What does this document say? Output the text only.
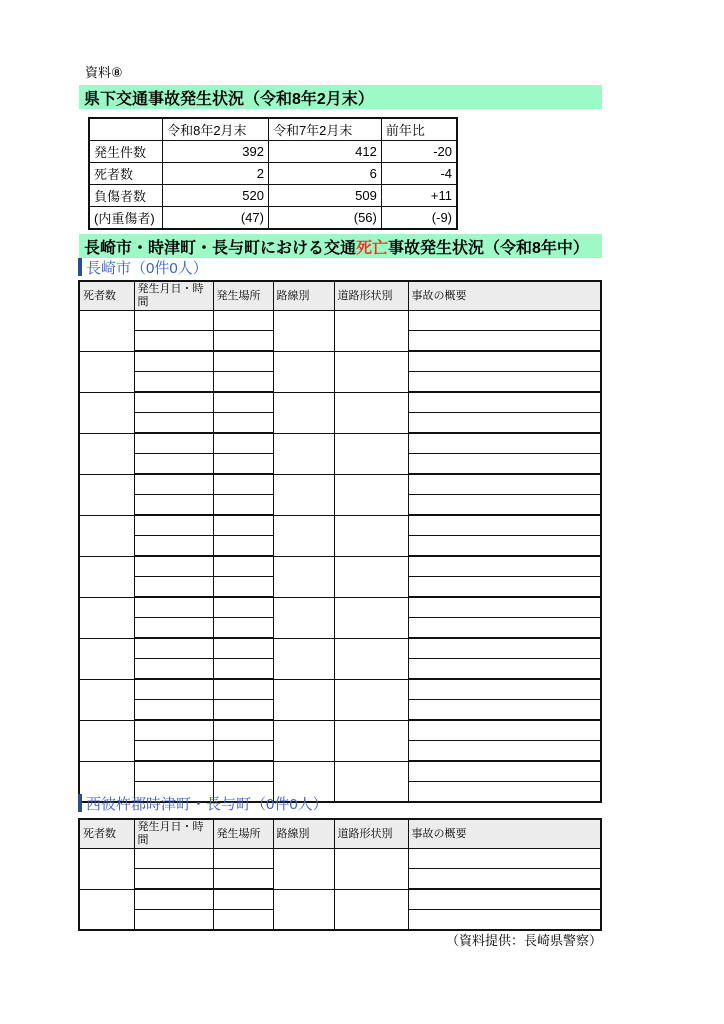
資料⑧
県下交通事故発生状況（令和8年2月末）
	令和8年2月末	令和7年2月末	前年比
発生件数	392	412	-20
死者数	2	6	-4
負傷者数	520	509	+11
(内重傷者)	(47)	(56)	(-9)
長崎市・時津町・長与町における交通 死亡 事故発生状況（令和8年中）
長崎市（0件0人）
死者数	発生月日・時間	発生場所	路線別	道路形状別	事故の概要

西彼杵郡時津町・長与町（0件0人）
死者数	発生月日・時間	発生場所	路線別	道路形状別	事故の概要

（資料提供：長崎県警察）
